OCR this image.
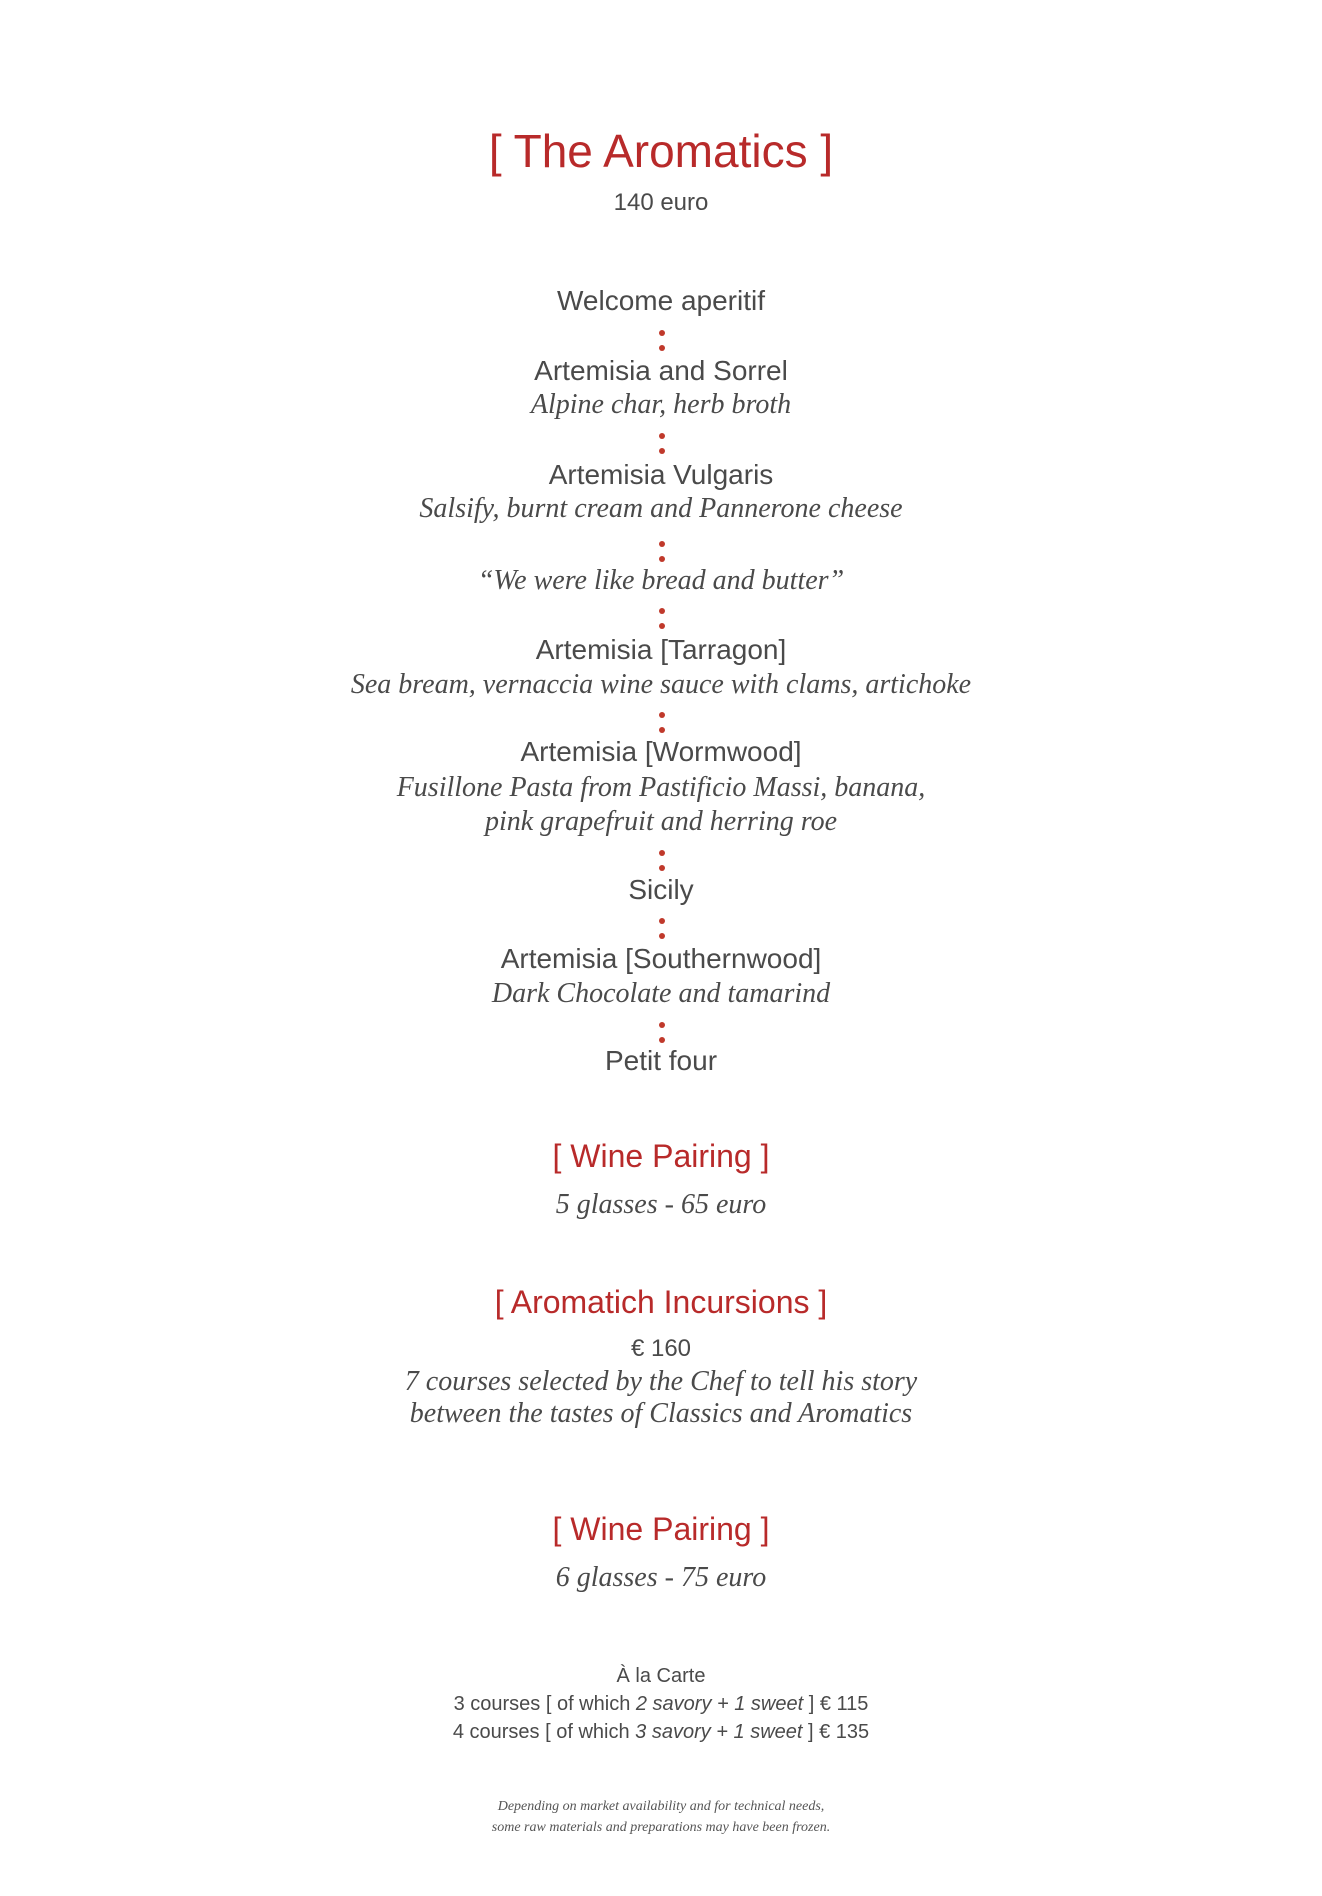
[ The Aromatics ]
140 euro
Welcome aperitif
Artemisia and Sorrel
Alpine char, herb broth
Artemisia Vulgaris
Salsify, burnt cream and Pannerone cheese
“We were like bread and butter”
Artemisia [Tarragon]
Sea bream, vernaccia wine sauce with clams, artichoke
Artemisia [Wormwood]
Fusillone Pasta from Pastificio Massi, banana,
pink grapefruit and herring roe
Sicily
Artemisia [Southernwood]
Dark Chocolate and tamarind
Petit four
[ Wine Pairing ]
5 glasses - 65 euro
[ Aromatich Incursions ]
€ 160
7 courses selected by the Chef to tell his story
between the tastes of Classics and Aromatics
[ Wine Pairing ]
6 glasses - 75 euro
À la Carte
3 courses [ of which 2 savory + 1 sweet ] € 115
4 courses [ of which 3 savory + 1 sweet ] € 135
Depending on market availability and for technical needs,
some raw materials and preparations may have been frozen.
